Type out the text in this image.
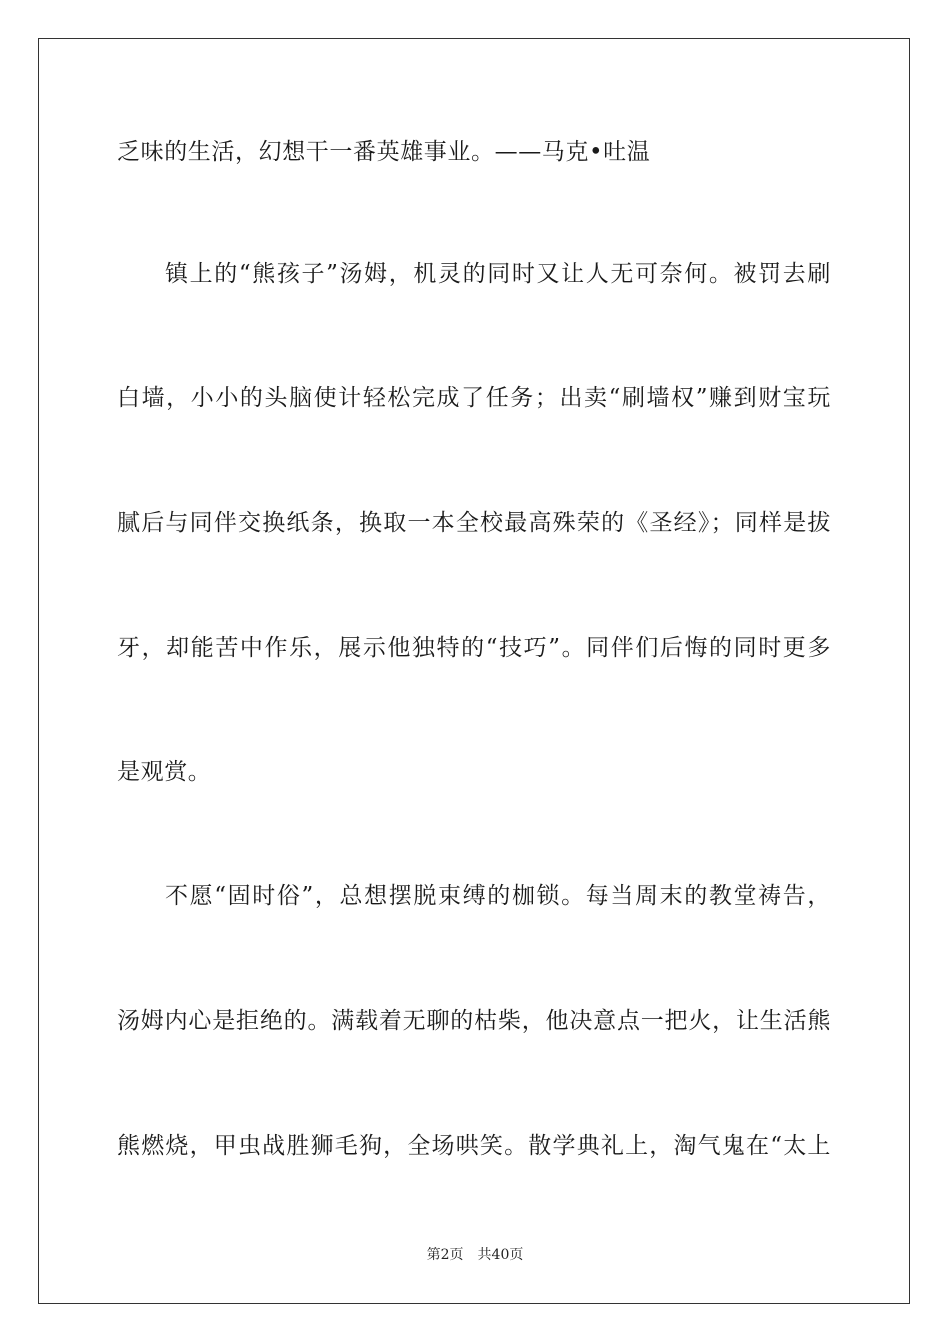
乏味的生活，幻想干一番英雄事业。——马克•吐温
镇上的“熊孩子”汤姆，机灵的同时又让人无可奈何。被罚去刷
白墙，小小的头脑使计轻松完成了任务；出卖“刷墙权”赚到财宝玩
腻后与同伴交换纸条，换取一本全校最高殊荣的《圣经》；同样是拔
牙，却能苦中作乐，展示他独特的“技巧”。同伴们后悔的同时更多
是观赏。
不愿“固时俗”，总想摆脱束缚的枷锁。每当周末的教堂祷告，
汤姆内心是拒绝的。满载着无聊的枯柴，他决意点一把火，让生活熊
熊燃烧，甲虫战胜狮毛狗，全场哄笑。散学典礼上，淘气鬼在“太上
第2页 共40页
